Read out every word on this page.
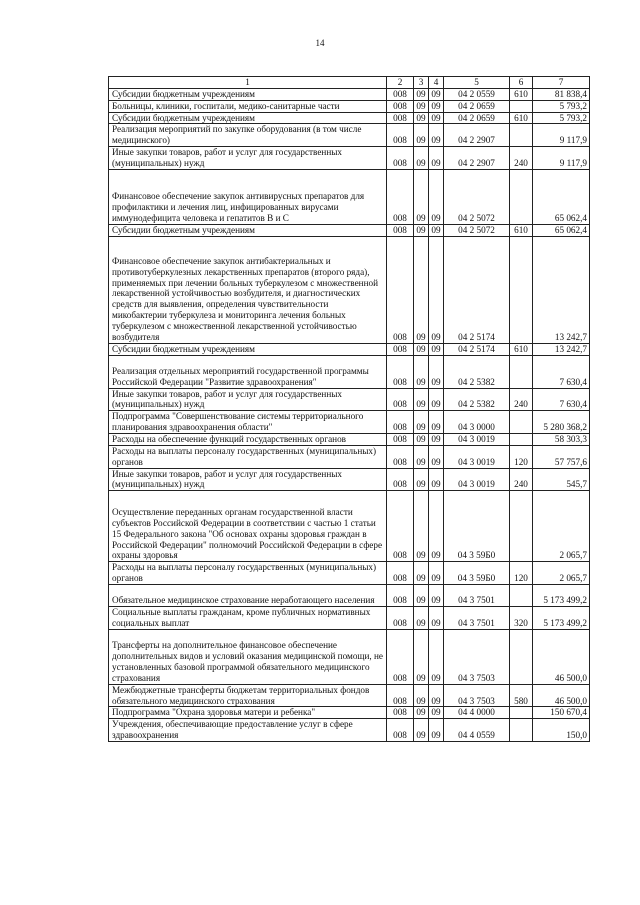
14
1	2	3	4	5	6	7
Субсидии бюджетным учреждениям	008	09	09	04 2 0559	610	81 838,4
Больницы, клиники, госпитали, медико-санитарные части	008	09	09	04 2 0659		5 793,2
Субсидии бюджетным учреждениям	008	09	09	04 2 0659	610	5 793,2
Реализация мероприятий по закупке оборудования (в том числе медицинского)	008	09	09	04 2 2907		9 117,9
Иные закупки товаров, работ и услуг для государственных (муниципальных) нужд	008	09	09	04 2 2907	240	9 117,9
Финансовое обеспечение закупок антивирусных препаратов для профилактики и лечения лиц, инфицированных вирусами иммунодефицита человека и гепатитов В и С	008	09	09	04 2 5072		65 062,4
Субсидии бюджетным учреждениям	008	09	09	04 2 5072	610	65 062,4
Финансовое обеспечение закупок антибактериальных и противотуберкулезных лекарственных препаратов (второго ряда), применяемых при лечении больных туберкулезом с множественной лекарственной устойчивостью возбудителя, и диагностических средств для выявления, определения чувствительности микобактерии туберкулеза и мониторинга лечения больных туберкулезом с множественной лекарственной устойчивостью возбудителя	008	09	09	04 2 5174		13 242,7
Субсидии бюджетным учреждениям	008	09	09	04 2 5174	610	13 242,7
Реализация отдельных мероприятий государственной программы Российской Федерации "Развитие здравоохранения"	008	09	09	04 2 5382		7 630,4
Иные закупки товаров, работ и услуг для государственных (муниципальных) нужд	008	09	09	04 2 5382	240	7 630,4
Подпрограмма "Совершенствование системы территориального планирования здравоохранения области"	008	09	09	04 3 0000		5 280 368,2
Расходы на обеспечение функций государственных органов	008	09	09	04 3 0019		58 303,3
Расходы на выплаты персоналу государственных (муниципальных) органов	008	09	09	04 3 0019	120	57 757,6
Иные закупки товаров, работ и услуг для государственных (муниципальных) нужд	008	09	09	04 3 0019	240	545,7
Осуществление переданных органам государственной власти субъектов Российской Федерации в соответствии с частью 1 статьи 15 Федерального закона "Об основах охраны здоровья граждан в Российской Федерации" полномочий Российской Федерации в сфере охраны здоровья	008	09	09	04 3 59Б0		2 065,7
Расходы на выплаты персоналу государственных (муниципальных) органов	008	09	09	04 3 59Б0	120	2 065,7
Обязательное медицинское страхование неработающего населения	008	09	09	04 3 7501		5 173 499,2
Социальные выплаты гражданам, кроме публичных нормативных социальных выплат	008	09	09	04 3 7501	320	5 173 499,2
Трансферты на дополнительное финансовое обеспечение дополнительных видов и условий оказания медицинской помощи, не установленных базовой программой обязательного медицинского страхования	008	09	09	04 3 7503		46 500,0
Межбюджетные трансферты бюджетам территориальных фондов обязательного медицинского страхования	008	09	09	04 3 7503	580	46 500,0
Подпрограмма "Охрана здоровья матери и ребенка"	008	09	09	04 4 0000		150 670,4
Учреждения, обеспечивающие предоставление услуг в сфере здравоохранения	008	09	09	04 4 0559		150,0
